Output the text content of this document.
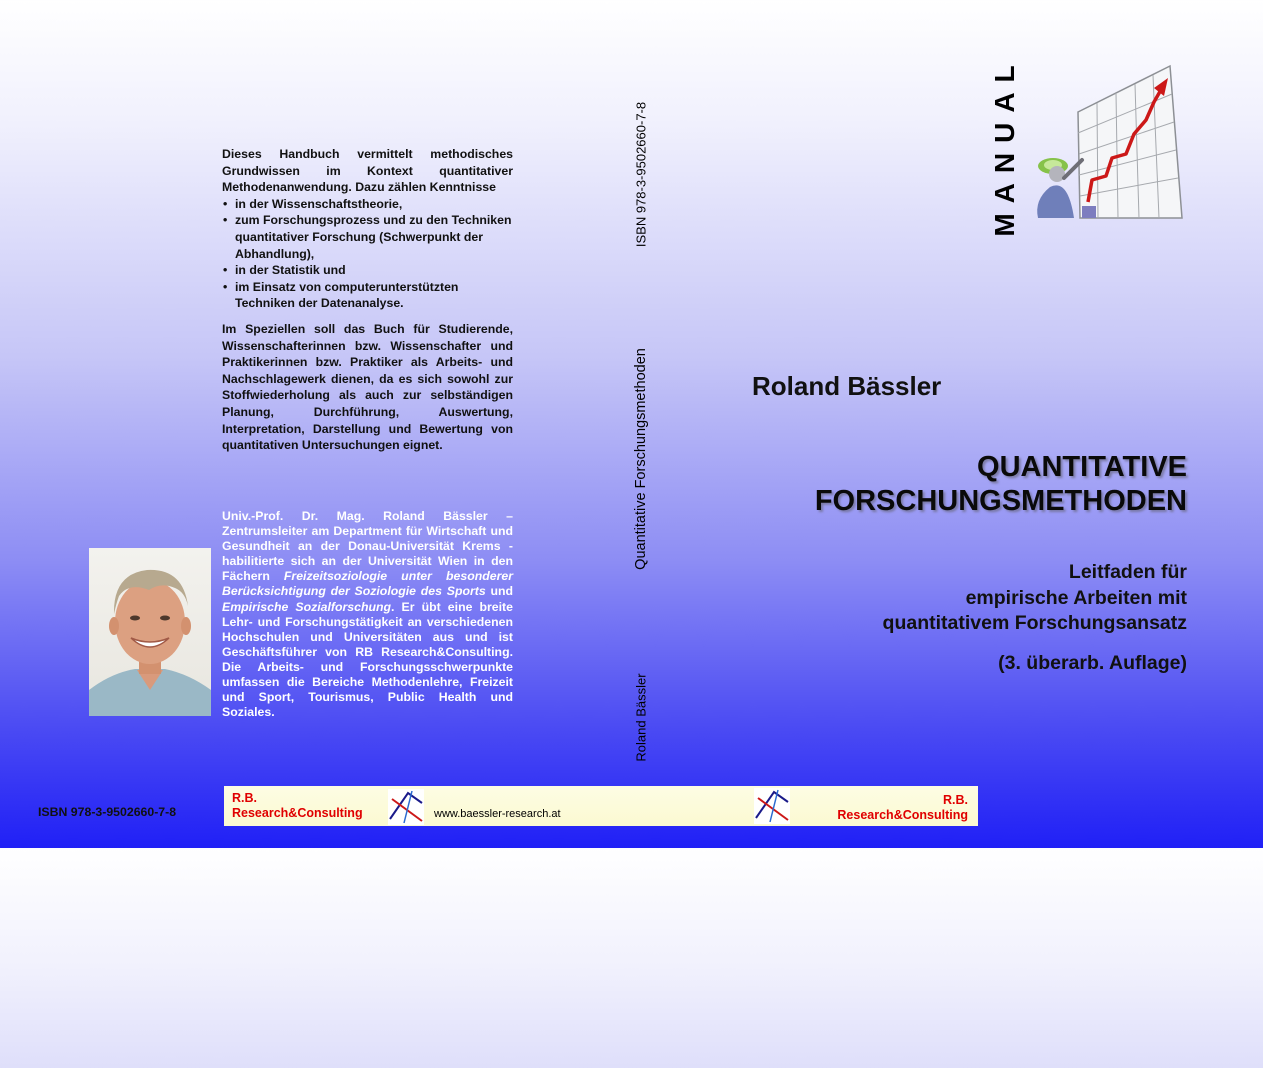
Dieses Handbuch vermittelt methodisches Grundwissen im Kontext quantitativer Methodenanwendung. Dazu zählen Kenntnisse

• in der Wissenschaftstheorie,
• zum Forschungsprozess und zu den Techniken quantitativer Forschung (Schwerpunkt der Abhandlung),
• in der Statistik und
• im Einsatz von computerunterstützten Techniken der Datenanalyse.

Im Speziellen soll das Buch für Studierende, Wissenschafterinnen bzw. Wissenschafter und Praktikerinnen bzw. Praktiker als Arbeits- und Nachschlagewerk dienen, da es sich sowohl zur Stoffwiederholung als auch zur selbständigen Planung, Durchführung, Auswertung, Interpretation, Darstellung und Bewertung von quantitativen Untersuchungen eignet.

Univ.-Prof. Dr. Mag. Roland Bässler – Zentrumsleiter am Department für Wirtschaft und Gesundheit an der Donau-Universität Krems - habilitierte sich an der Universität Wien in den Fächern Freizeitsoziologie unter besonderer Berücksichtigung der Soziologie des Sports und Empirische Sozialforschung. Er übt eine breite Lehr- und Forschungstätigkeit an verschiedenen Hochschulen und Universitäten aus und ist Geschäftsführer von RB Research&Consulting. Die Arbeits- und Forschungsschwerpunkte umfassen die Bereiche Methodenlehre, Freizeit und Sport, Tourismus, Public Health und Soziales.
ISBN 978-3-9502660-7-8
Quantitative Forschungsmethoden
Roland Bässler
MANUAL
Roland Bässler
QUANTITATIVE
FORSCHUNGSMETHODEN
Leitfaden für
empirische Arbeiten mit
quantitativem Forschungsansatz
(3. überarb. Auflage)
ISBN 978-3-9502660-7-8
R.B.
Research&Consulting	www.baessler-research.at
R.B.
Research&Consulting
